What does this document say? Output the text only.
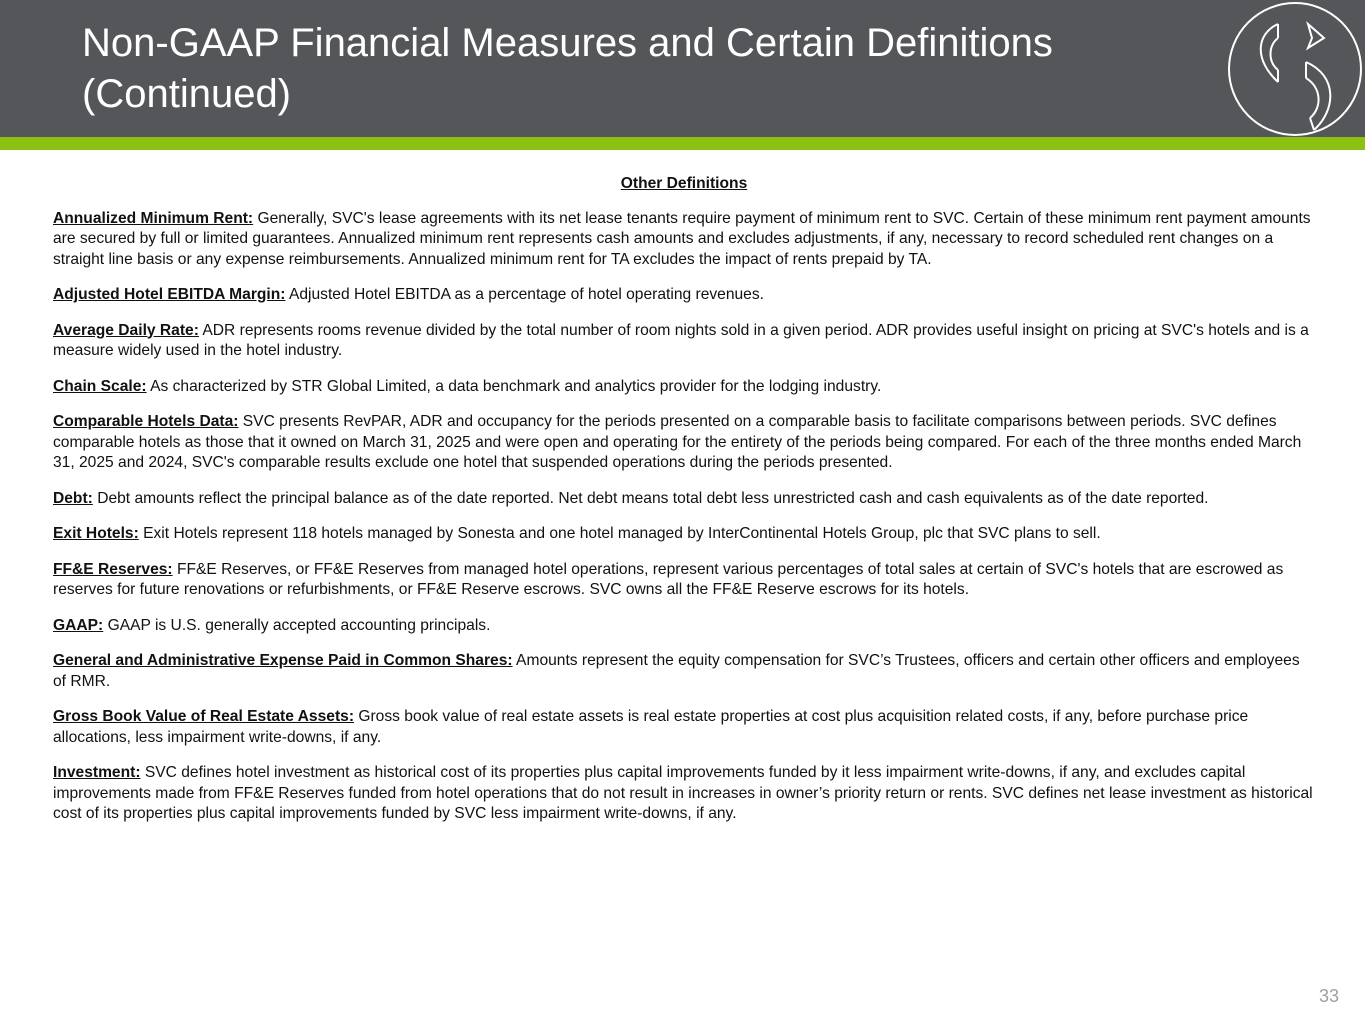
Non-GAAP Financial Measures and Certain Definitions (Continued)

Other Definitions

Annualized Minimum Rent: Generally, SVC's lease agreements with its net lease tenants require payment of minimum rent to SVC. Certain of these minimum rent payment amounts are secured by full or limited guarantees. Annualized minimum rent represents cash amounts and excludes adjustments, if any, necessary to record scheduled rent changes on a straight line basis or any expense reimbursements. Annualized minimum rent for TA excludes the impact of rents prepaid by TA.

Adjusted Hotel EBITDA Margin: Adjusted Hotel EBITDA as a percentage of hotel operating revenues.

Average Daily Rate: ADR represents rooms revenue divided by the total number of room nights sold in a given period. ADR provides useful insight on pricing at SVC's hotels and is a measure widely used in the hotel industry.

Chain Scale: As characterized by STR Global Limited, a data benchmark and analytics provider for the lodging industry.

Comparable Hotels Data: SVC presents RevPAR, ADR and occupancy for the periods presented on a comparable basis to facilitate comparisons between periods. SVC defines comparable hotels as those that it owned on March 31, 2025 and were open and operating for the entirety of the periods being compared. For each of the three months ended March 31, 2025 and 2024, SVC's comparable results exclude one hotel that suspended operations during the periods presented.

Debt: Debt amounts reflect the principal balance as of the date reported. Net debt means total debt less unrestricted cash and cash equivalents as of the date reported.

Exit Hotels: Exit Hotels represent 118 hotels managed by Sonesta and one hotel managed by InterContinental Hotels Group, plc that SVC plans to sell.

FF&E Reserves: FF&E Reserves, or FF&E Reserves from managed hotel operations, represent various percentages of total sales at certain of SVC's hotels that are escrowed as reserves for future renovations or refurbishments, or FF&E Reserve escrows. SVC owns all the FF&E Reserve escrows for its hotels.

GAAP: GAAP is U.S. generally accepted accounting principals.

General and Administrative Expense Paid in Common Shares: Amounts represent the equity compensation for SVC’s Trustees, officers and certain other officers and employees of RMR.

Gross Book Value of Real Estate Assets: Gross book value of real estate assets is real estate properties at cost plus acquisition related costs, if any, before purchase price allocations, less impairment write-downs, if any.

Investment: SVC defines hotel investment as historical cost of its properties plus capital improvements funded by it less impairment write-downs, if any, and excludes capital improvements made from FF&E Reserves funded from hotel operations that do not result in increases in owner’s priority return or rents. SVC defines net lease investment as historical cost of its properties plus capital improvements funded by SVC less impairment write-downs, if any.

33
